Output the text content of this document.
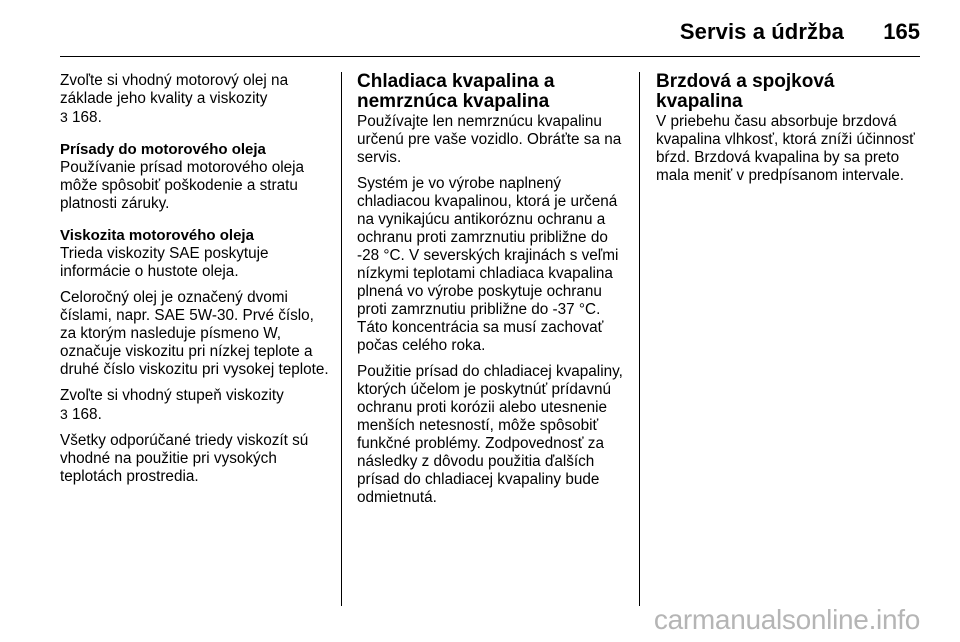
Servis a údržba 165

Zvoľte si vhodný motorový olej na základe jeho kvality a viskozity
3 168.

Prísady do motorového oleja

Používanie prísad motorového oleja môže spôsobiť poškodenie a stratu platnosti záruky.

Viskozita motorového oleja

Trieda viskozity SAE poskytuje informácie o hustote oleja.

Celoročný olej je označený dvomi číslami, napr. SAE 5W-30. Prvé číslo, za ktorým nasleduje písmeno W, označuje viskozitu pri nízkej teplote a druhé číslo viskozitu pri vysokej teplote.

Zvoľte si vhodný stupeň viskozity
3 168.

Všetky odporúčané triedy viskozít sú vhodné na použitie pri vysokých teplotách prostredia.

Chladiaca kvapalina a nemrznúca kvapalina

Používajte len nemrznúcu kvapalinu určenú pre vaše vozidlo. Obráťte sa na servis.

Systém je vo výrobe naplnený chladiacou kvapalinou, ktorá je určená na vynikajúcu antikoróznu ochranu a ochranu proti zamrznutiu približne do -28 °C. V severských krajinách s veľmi nízkymi teplotami chladiaca kvapalina plnená vo výrobe poskytuje ochranu proti zamrznutiu približne do -37 °C. Táto koncentrácia sa musí zachovať počas celého roka.

Použitie prísad do chladiacej kvapaliny, ktorých účelom je poskytnúť prídavnú ochranu proti korózii alebo utesnenie menších netesností, môže spôsobiť funkčné problémy. Zodpovednosť za následky z dôvodu použitia ďalších prísad do chladiacej kvapaliny bude odmietnutá.

Brzdová a spojková kvapalina

V priebehu času absorbuje brzdová kvapalina vlhkosť, ktorá zníži účinnosť bŕzd. Brzdová kvapalina by sa preto mala meniť v predpísanom intervale.

carmanualsonline.info
